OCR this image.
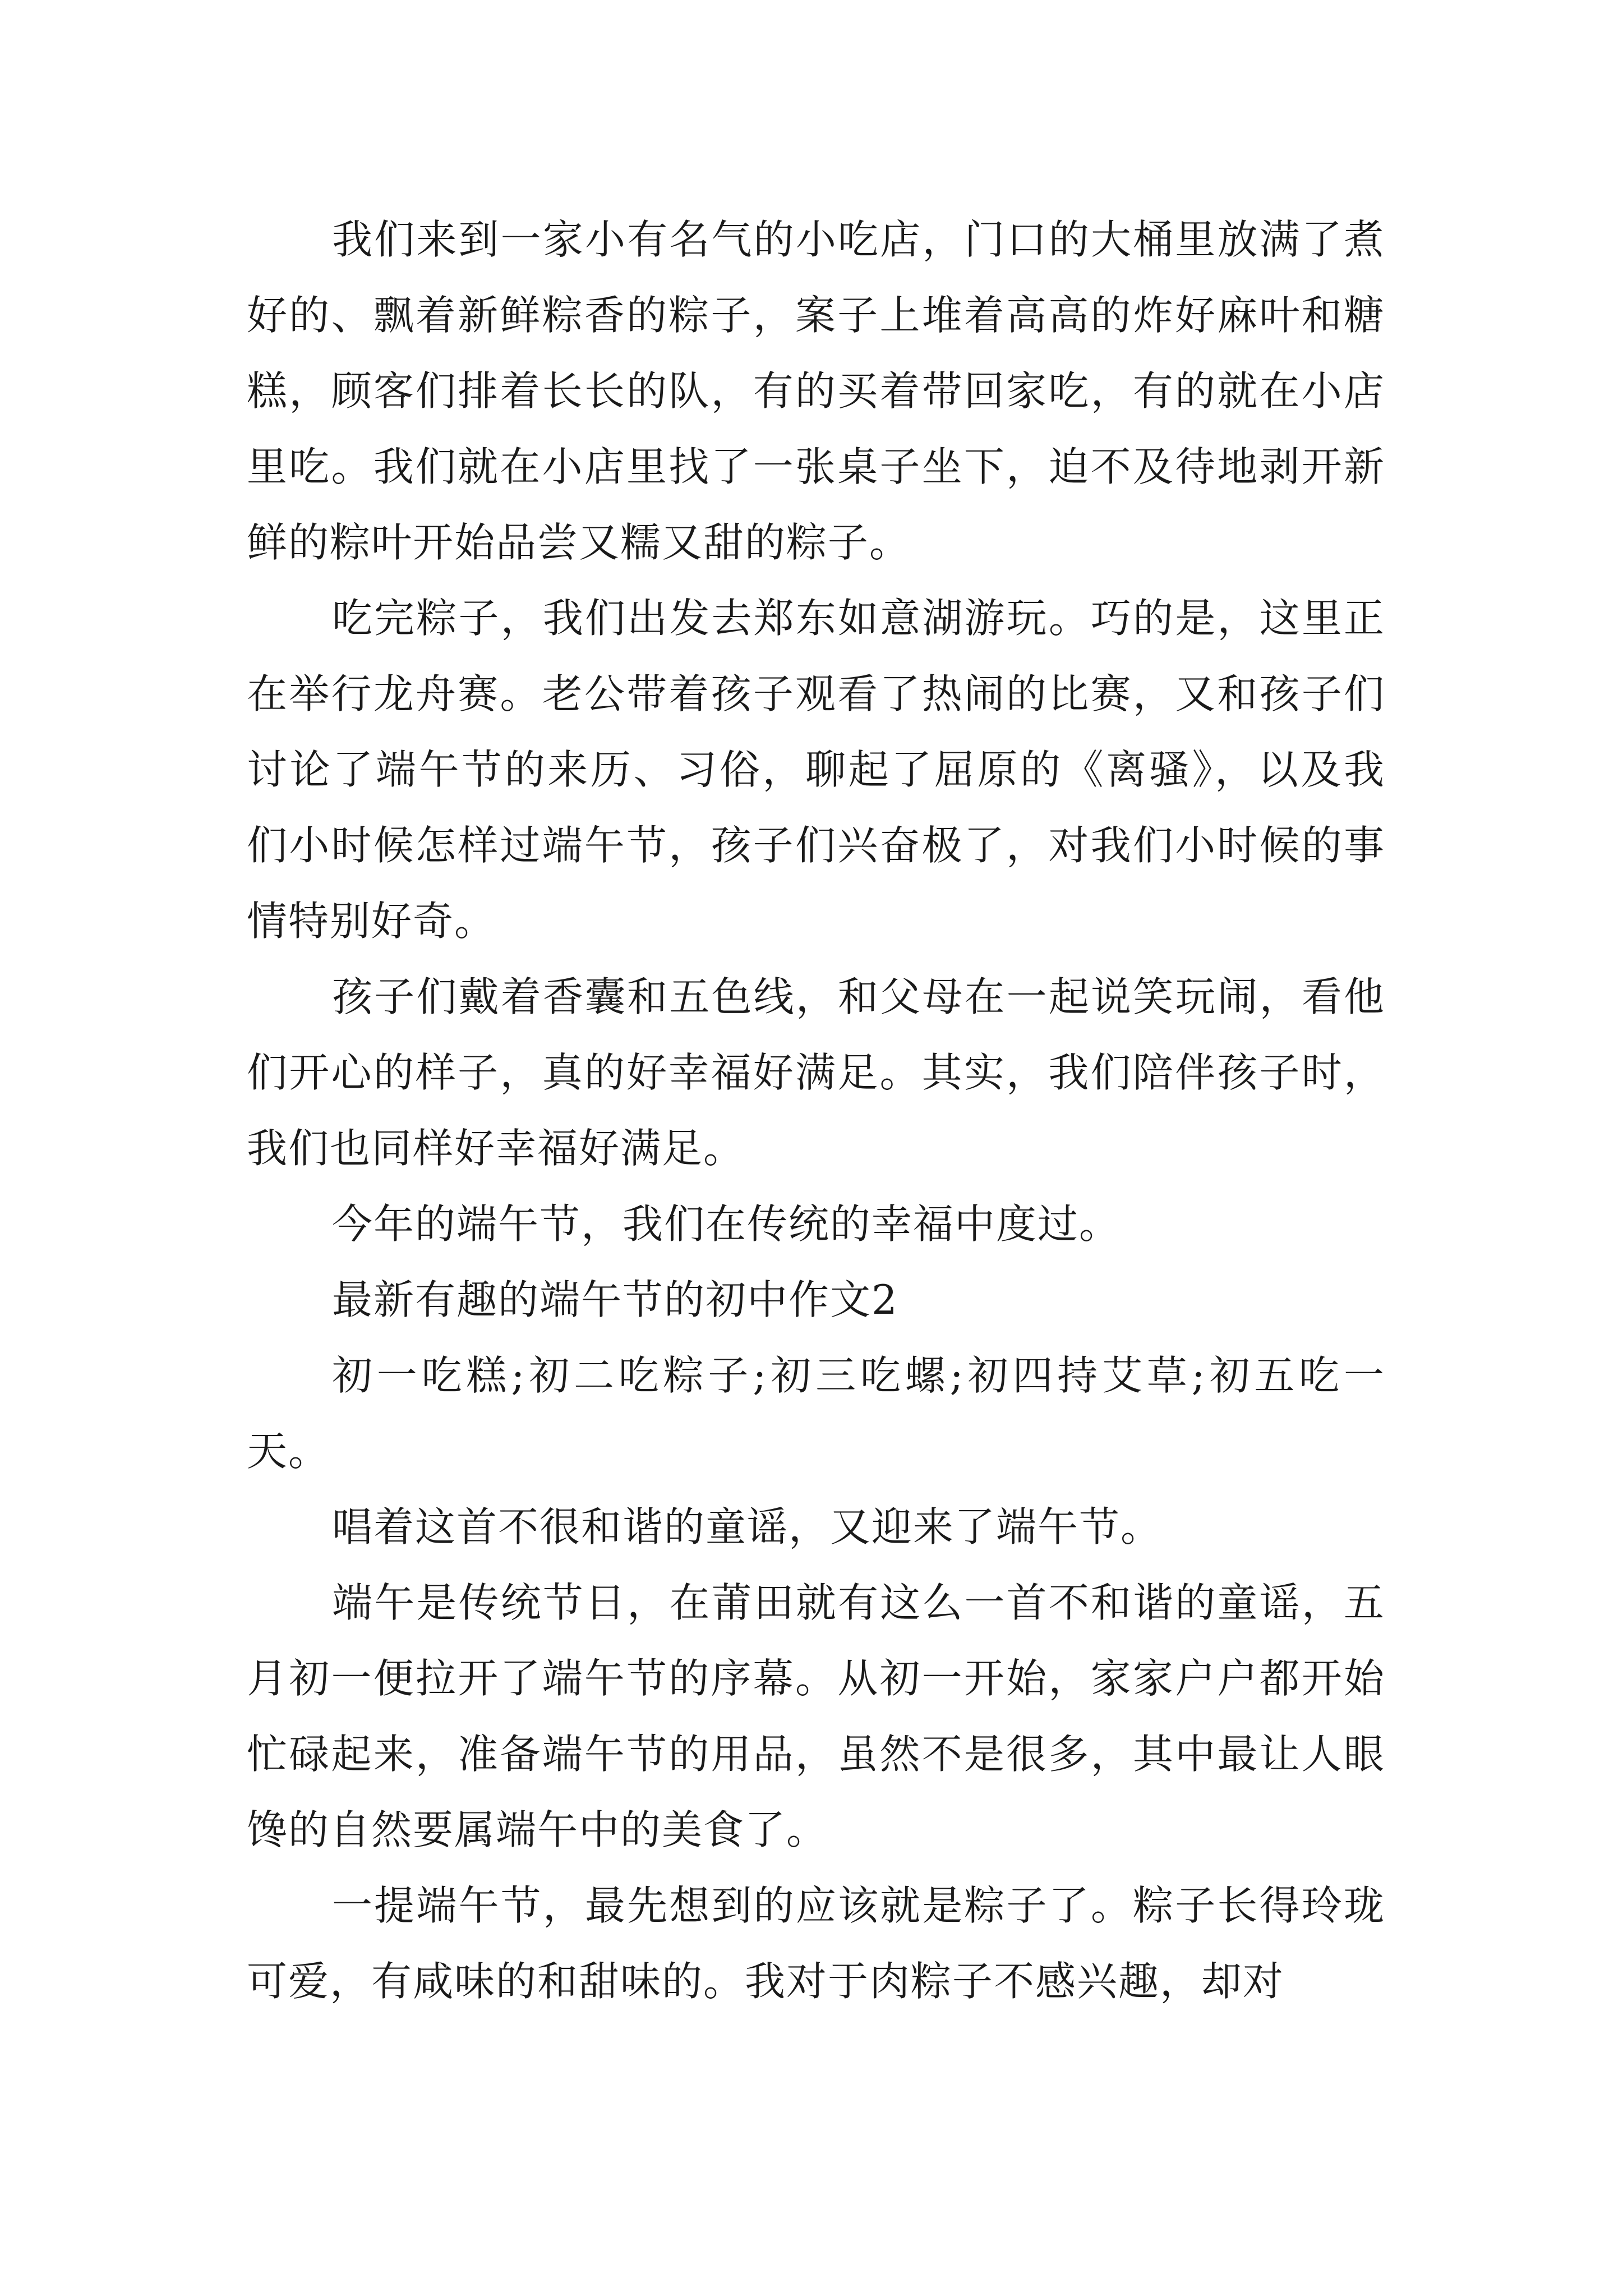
我们来到一家小有名气的小吃店，门口的大桶里放满了煮好的、飘着新鲜粽香的粽子，案子上堆着高高的炸好麻叶和糖糕，顾客们排着长长的队，有的买着带回家吃，有的就在小店里吃。我们就在小店里找了一张桌子坐下，迫不及待地剥开新鲜的粽叶开始品尝又糯又甜的粽子。

吃完粽子，我们出发去郑东如意湖游玩。巧的是，这里正在举行龙舟赛。老公带着孩子观看了热闹的比赛，又和孩子们讨论了端午节的来历、习俗，聊起了屈原的《离骚》，以及我们小时候怎样过端午节，孩子们兴奋极了，对我们小时候的事情特别好奇。

孩子们戴着香囊和五色线，和父母在一起说笑玩闹，看他们开心的样子，真的好幸福好满足。其实，我们陪伴孩子时，我们也同样好幸福好满足。

今年的端午节，我们在传统的幸福中度过。

最新有趣的端午节的初中作文2

初一吃糕;初二吃粽子;初三吃螺;初四持艾草;初五吃一天。

唱着这首不很和谐的童谣，又迎来了端午节。

端午是传统节日，在莆田就有这么一首不和谐的童谣，五月初一便拉开了端午节的序幕。从初一开始，家家户户都开始忙碌起来，准备端午节的用品，虽然不是很多，其中最让人眼馋的自然要属端午中的美食了。

一提端午节，最先想到的应该就是粽子了。粽子长得玲珑可爱，有咸味的和甜味的。我对于肉粽子不感兴趣，却对
